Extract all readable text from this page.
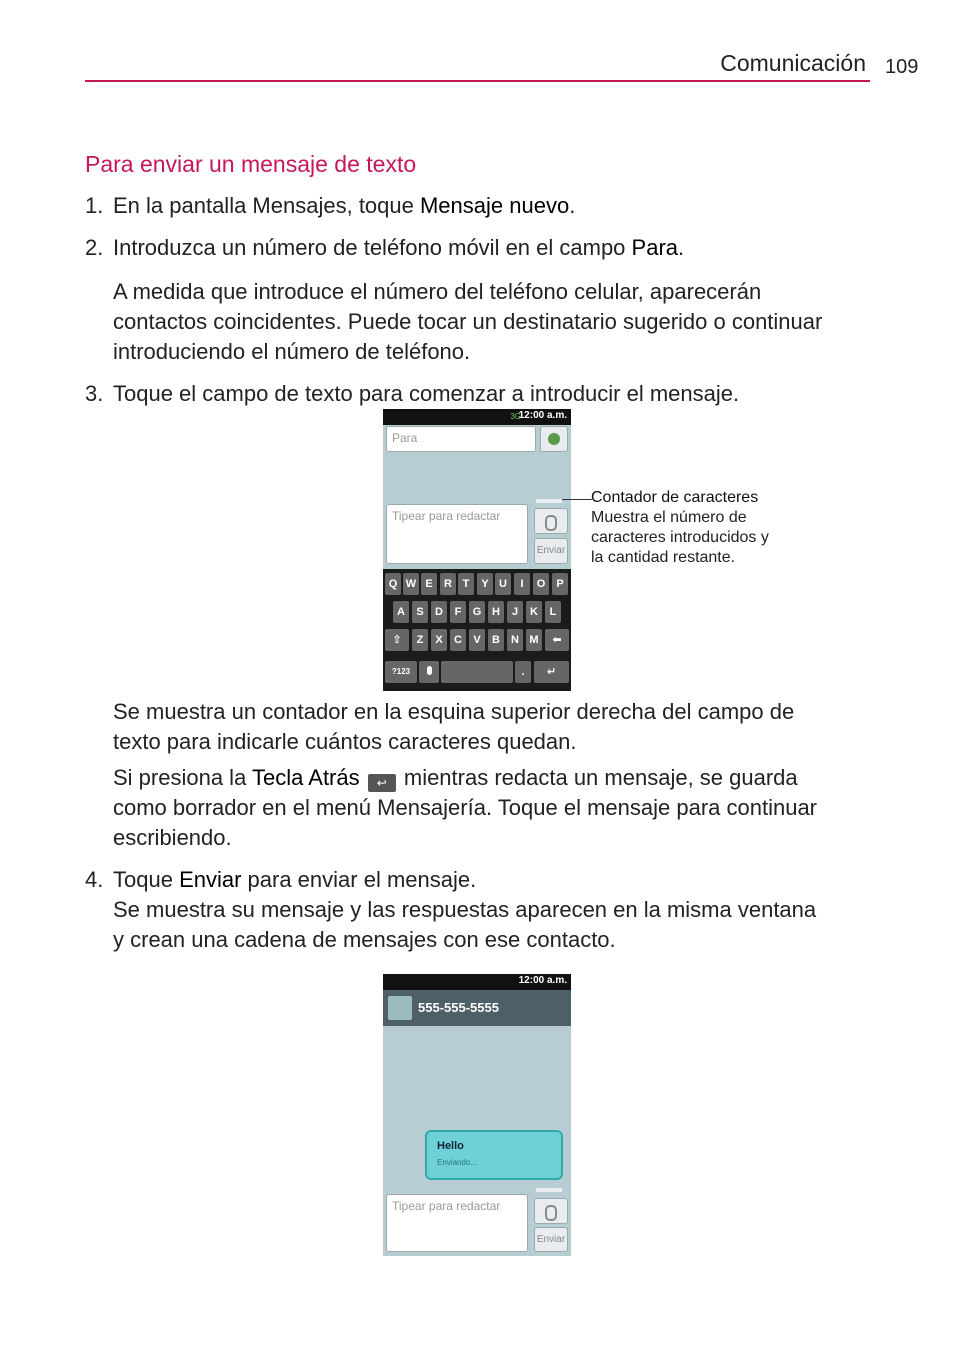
Comunicación 109
Para enviar un mensaje de texto
1. En la pantalla Mensajes, toque Mensaje nuevo.

2. Introduzca un número de teléfono móvil en el campo Para.

A medida que introduce el número del teléfono celular, aparecerán
contactos coincidentes. Puede tocar un destinatario sugerido o continuar
introduciendo el número de teléfono.
3. Toque el campo de texto para comenzar a introducir el mensaje.

3G
12:00 a.m.
Para
Tipear para redactar
Enviar
Q W E	R T	Y U	I	O	P
A	S	D	F	G H	J	K	L
⇧	Z	X	C	V	B	N M	⬅
?123	.	↵
Contador de caracteres
Muestra el número de
caracteres introducidos y
la cantidad restante.
Se muestra un contador en la esquina superior derecha del campo de
texto para indicarle cuántos caracteres quedan.
Si presiona la Tecla Atrás ↩ mientras redacta un mensaje, se guarda
como borrador en el menú Mensajería. Toque el mensaje para continuar
escribiendo.
4. Toque Enviar para enviar el mensaje.
Se muestra su mensaje y las respuestas aparecen en la misma ventana
y crean una cadena de mensajes con ese contacto.
12:00 a.m.
555-555-5555
Hello
Enviando...
Tipear para redactar
Enviar
